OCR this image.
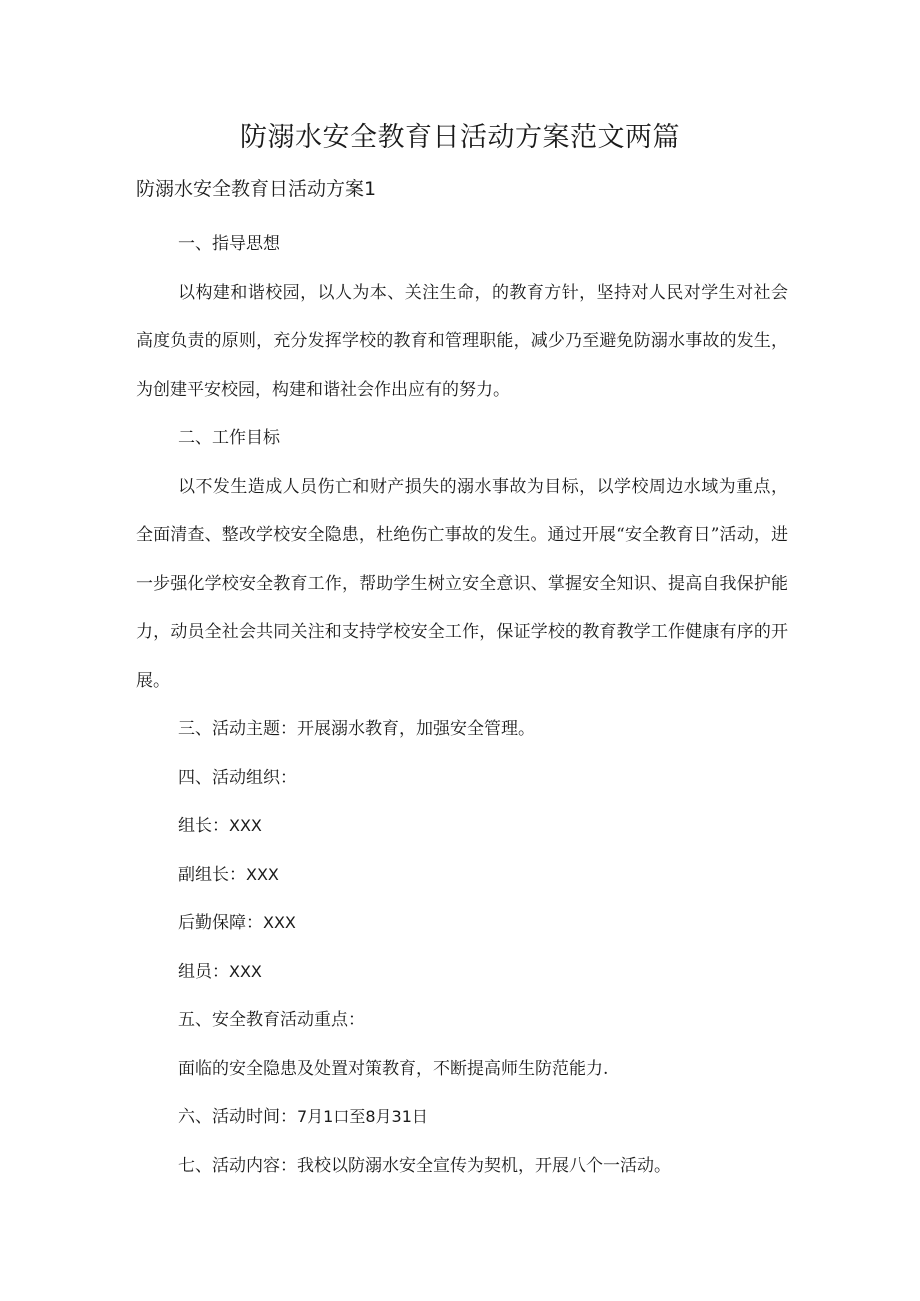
防溺水安全教育日活动方案范文两篇
防溺水安全教育日活动方案1

一、指导思想

以构建和谐校园，以人为本、关注生命，的教育方针，坚持对人民对学生对社会高度负责的原则，充分发挥学校的教育和管理职能，减少乃至避免防溺水事故的发生，为创建平安校园，构建和谐社会作出应有的努力。

二、工作目标

以不发生造成人员伤亡和财产损失的溺水事故为目标，以学校周边水域为重点，全面清查、整改学校安全隐患，杜绝伤亡事故的发生。通过开展“安全教育日”活动，进一步强化学校安全教育工作，帮助学生树立安全意识、掌握安全知识、提高自我保护能力，动员全社会共同关注和支持学校安全工作，保证学校的教育教学工作健康有序的开展。

三、活动主题：开展溺水教育，加强安全管理。

四、活动组织：

组长：XXX

副组长：XXX

后勤保障：XXX

组员：XXX

五、安全教育活动重点：

面临的安全隐患及处置对策教育，不断提高师生防范能力.

六、活动时间：7月1口至8月31日

七、活动内容：我校以防溺水安全宣传为契机，开展八个一活动。
